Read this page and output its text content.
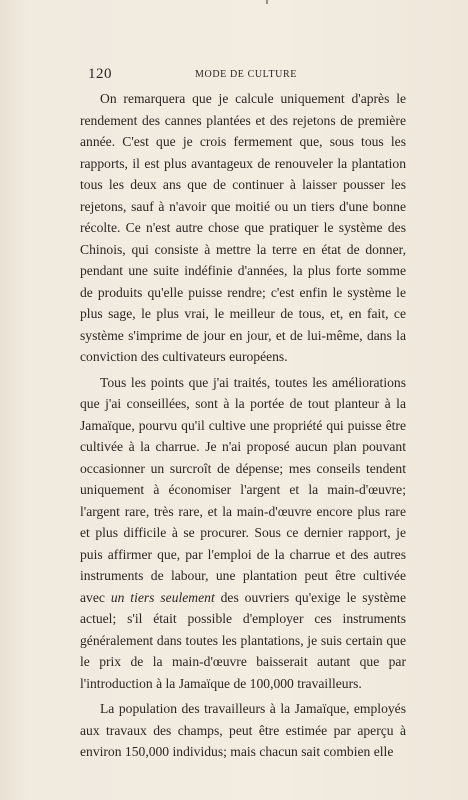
120	MODE DE CULTURE

On remarquera que je calcule uniquement d'après le rendement des cannes plantées et des rejetons de première année. C'est que je crois fermement que, sous tous les rapports, il est plus avantageux de renouveler la plantation tous les deux ans que de continuer à laisser pousser les rejetons, sauf à n'avoir que moitié ou un tiers d'une bonne récolte. Ce n'est autre chose que pratiquer le système des Chinois, qui consiste à mettre la terre en état de donner, pendant une suite indéfinie d'années, la plus forte somme de produits qu'elle puisse rendre; c'est enfin le système le plus sage, le plus vrai, le meilleur de tous, et, en fait, ce système s'imprime de jour en jour, et de lui-même, dans la conviction des cultivateurs européens.

Tous les points que j'ai traités, toutes les améliorations que j'ai conseillées, sont à la portée de tout planteur à la Jamaïque, pourvu qu'il cultive une propriété qui puisse être cultivée à la charrue. Je n'ai proposé aucun plan pouvant occasionner un surcroît de dépense; mes conseils tendent uniquement à économiser l'argent et la main-d'œuvre; l'argent rare, très rare, et la main-d'œuvre encore plus rare et plus difficile à se procurer. Sous ce dernier rapport, je puis affirmer que, par l'emploi de la charrue et des autres instruments de labour, une plantation peut être cultivée avec un tiers seulement des ouvriers qu'exige le système actuel; s'il était possible d'employer ces instruments généralement dans toutes les plantations, je suis certain que le prix de la main-d'œuvre baisserait autant que par l'introduction à la Jamaïque de 100,000 travailleurs.

La population des travailleurs à la Jamaïque, employés aux travaux des champs, peut être estimée par aperçu à environ 150,000 individus; mais chacun sait combien elle
